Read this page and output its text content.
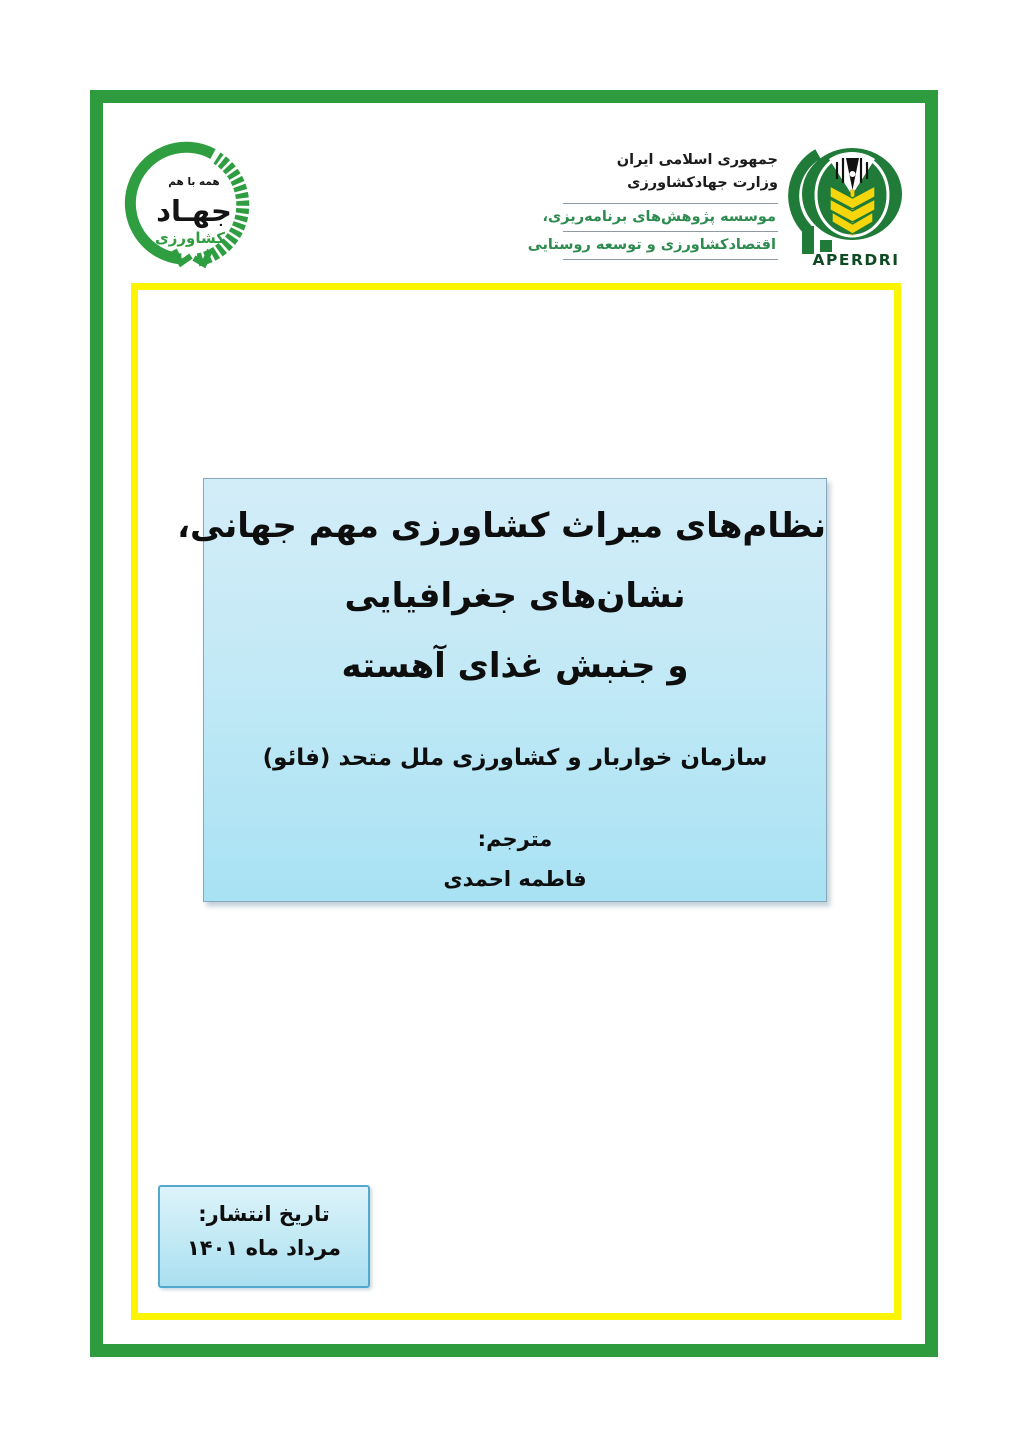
همه با هم
جهـاد
کشاورزی
جمهوری اسلامی ایران
وزارت جهادکشاورزی
موسسه پژوهش‌های برنامه‌ریزی،
اقتصادکشاورزی و توسعه روستایی
APERDRI
نظام‌های میراث کشاورزی مهم جهانی،
نشان‌های جغرافیایی
و جنبش غذای آهسته
سازمان خواربار و کشاورزی ملل متحد (فائو)
مترجم:
فاطمه احمدی
تاریخ انتشار:
مرداد ماه ۱۴۰۱
